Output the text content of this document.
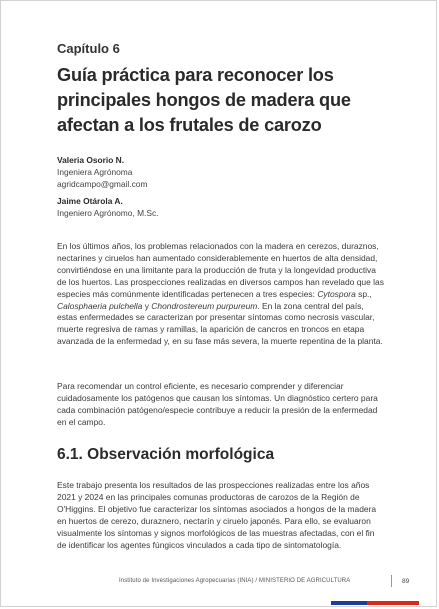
Capítulo 6
Guía práctica para reconocer los principales hongos de madera que afectan a los frutales de carozo
Valeria Osorio N.
Ingeniera Agrónoma
agridcampo@gmail.com
Jaime Otárola A.
Ingeniero Agrónomo, M.Sc.
En los últimos años, los problemas relacionados con la madera en cerezos, duraznos, nectarines y ciruelos han aumentado considerablemente en huertos de alta densidad, convirtiéndose en una limitante para la producción de fruta y la longevidad productiva de los huertos. Las prospecciones realizadas en diversos campos han revelado que las especies más comúnmente identificadas pertenecen a tres especies: Cytospora sp., Calosphaeria pulchella y Chondrostereum purpureum. En la zona central del país, estas enfermedades se caracterizan por presentar síntomas como necrosis vascular, muerte regresiva de ramas y ramillas, la aparición de cancros en troncos en etapa avanzada de la enfermedad y, en su fase más severa, la muerte repentina de la planta.
Para recomendar un control eficiente, es necesario comprender y diferenciar cuidadosamente los patógenos que causan los síntomas. Un diagnóstico certero para cada combinación patógeno/especie contribuye a reducir la presión de la enfermedad en el campo.
6.1. Observación morfológica
Este trabajo presenta los resultados de las prospecciones realizadas entre los años 2021 y 2024 en las principales comunas productoras de carozos de la Región de O'Higgins. El objetivo fue caracterizar los síntomas asociados a hongos de la madera en huertos de cerezo, duraznero, nectarín y ciruelo japonés. Para ello, se evaluaron visualmente los síntomas y signos morfológicos de las muestras afectadas, con el fin de identificar los agentes fúngicos vinculados a cada tipo de sintomatología.
Instituto de Investigaciones Agropecuarias (INIA) / MINISTERIO DE AGRICULTURA	89
